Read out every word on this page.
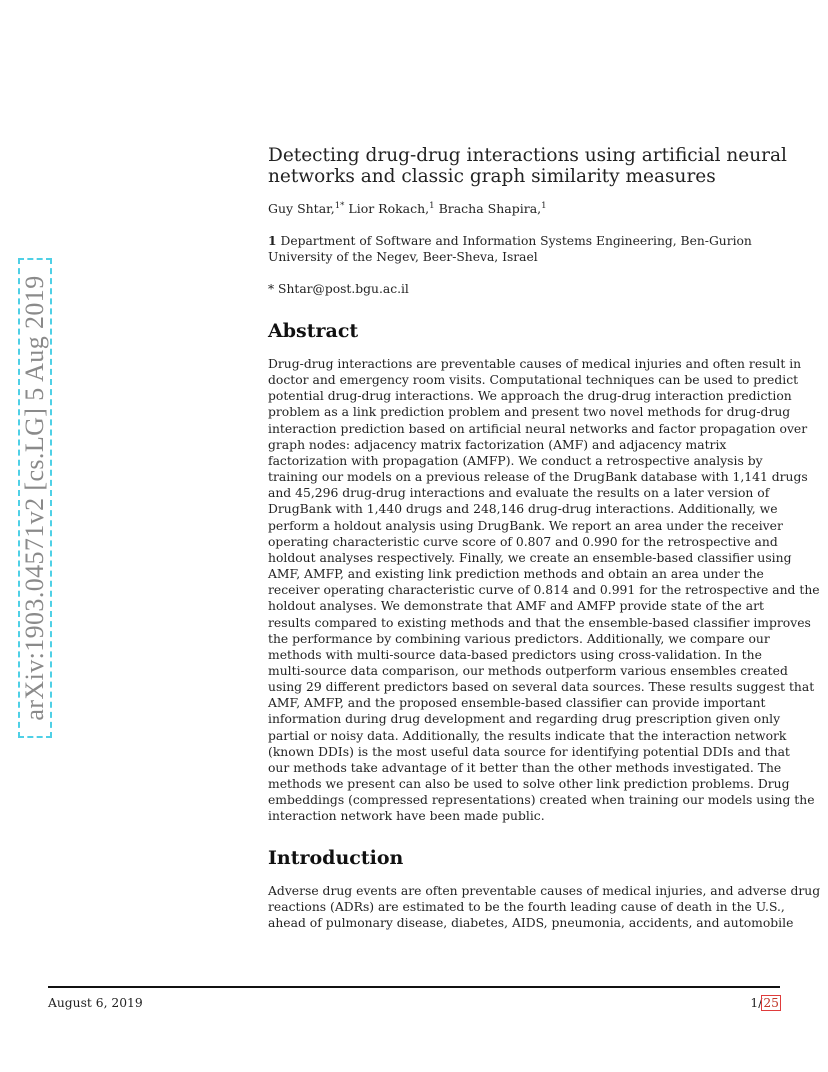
arXiv:1903.04571v2 [cs.LG] 5 Aug 2019
Detecting drug-drug interactions using artificial neural
networks and classic graph similarity measures
Guy Shtar,$^{1*}$ Lior Rokach,$^1$ Bracha Shapira,$^1$
1 Department of Software and Information Systems Engineering, Ben-Gurion
University of the Negev, Beer-Sheva, Israel
* Shtar@post.bgu.ac.il
Abstract
Drug-drug interactions are preventable causes of medical injuries and often result in
doctor and emergency room visits. Computational techniques can be used to predict
potential drug-drug interactions. We approach the drug-drug interaction prediction
problem as a link prediction problem and present two novel methods for drug-drug
interaction prediction based on artificial neural networks and factor propagation over
graph nodes: adjacency matrix factorization (AMF) and adjacency matrix
factorization with propagation (AMFP). We conduct a retrospective analysis by
training our models on a previous release of the DrugBank database with 1,141 drugs
and 45,296 drug-drug interactions and evaluate the results on a later version of
DrugBank with 1,440 drugs and 248,146 drug-drug interactions. Additionally, we
perform a holdout analysis using DrugBank. We report an area under the receiver
operating characteristic curve score of 0.807 and 0.990 for the retrospective and
holdout analyses respectively. Finally, we create an ensemble-based classifier using
AMF, AMFP, and existing link prediction methods and obtain an area under the
receiver operating characteristic curve of 0.814 and 0.991 for the retrospective and the
holdout analyses. We demonstrate that AMF and AMFP provide state of the art
results compared to existing methods and that the ensemble-based classifier improves
the performance by combining various predictors. Additionally, we compare our
methods with multi-source data-based predictors using cross-validation. In the
multi-source data comparison, our methods outperform various ensembles created
using 29 different predictors based on several data sources. These results suggest that
AMF, AMFP, and the proposed ensemble-based classifier can provide important
information during drug development and regarding drug prescription given only
partial or noisy data. Additionally, the results indicate that the interaction network
(known DDIs) is the most useful data source for identifying potential DDIs and that
our methods take advantage of it better than the other methods investigated. The
methods we present can also be used to solve other link prediction problems. Drug
embeddings (compressed representations) created when training our models using the
interaction network have been made public.
Introduction
Adverse drug events are often preventable causes of medical injuries, and adverse drug
reactions (ADRs) are estimated to be the fourth leading cause of death in the U.S.,
ahead of pulmonary disease, diabetes, AIDS, pneumonia, accidents, and automobile
August 6, 2019	1/25
